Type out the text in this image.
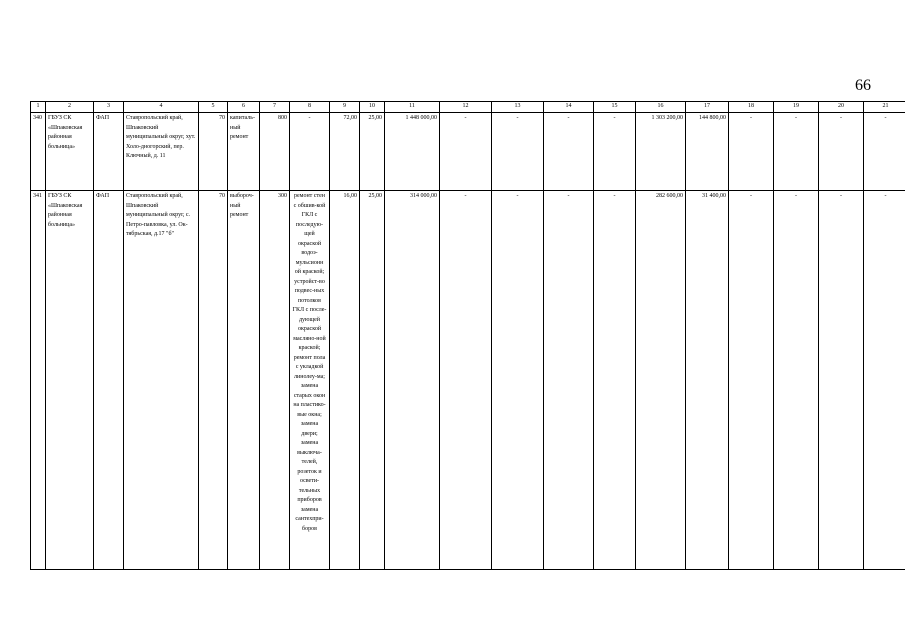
66
1	2	3	4	5	6	7	8	9	10	11	12	13	14	15	16	17	18	19	20	21
340	ГБУЗ СК «Шпаковская районная больница»	ФАП	Ставропольский край, Шпаковский муниципальный округ, хут. Холо-дногорский, пер. Ключный, д. 11	70	капиталь-ный ремонт	800	-	72,00	25,00	1 448 000,00	-	-	-	-	1 303 200,00	144 800,00	-	-	-	-
341	ГБУЗ СК «Шпаковская районная больница»	ФАП	Ставропольский край, Шпаковский муниципальный округ, с. Петро-павловка, ул. Ок-тябрьская, д.17 "б"	70	выбороч-ный ремонт	300	ремонт стен с обшив-кой ГКЛ с последую-щей окраской водоэ-мульсионн ой краской; устройст-во подвес-ных потолков ГКЛ с после-дующей окраской масляно-ной краской; ремонт пола с укладкой линолеу-ма; замена старых окон на пластико-вые окна; замена двери; замена выключа-телей, розеток и освети-тельных приборов замена сантехпри-боров	16,00	25,00	314 000,00	-	-	-	-	282 600,00	31 400,00	-	-	-	-
